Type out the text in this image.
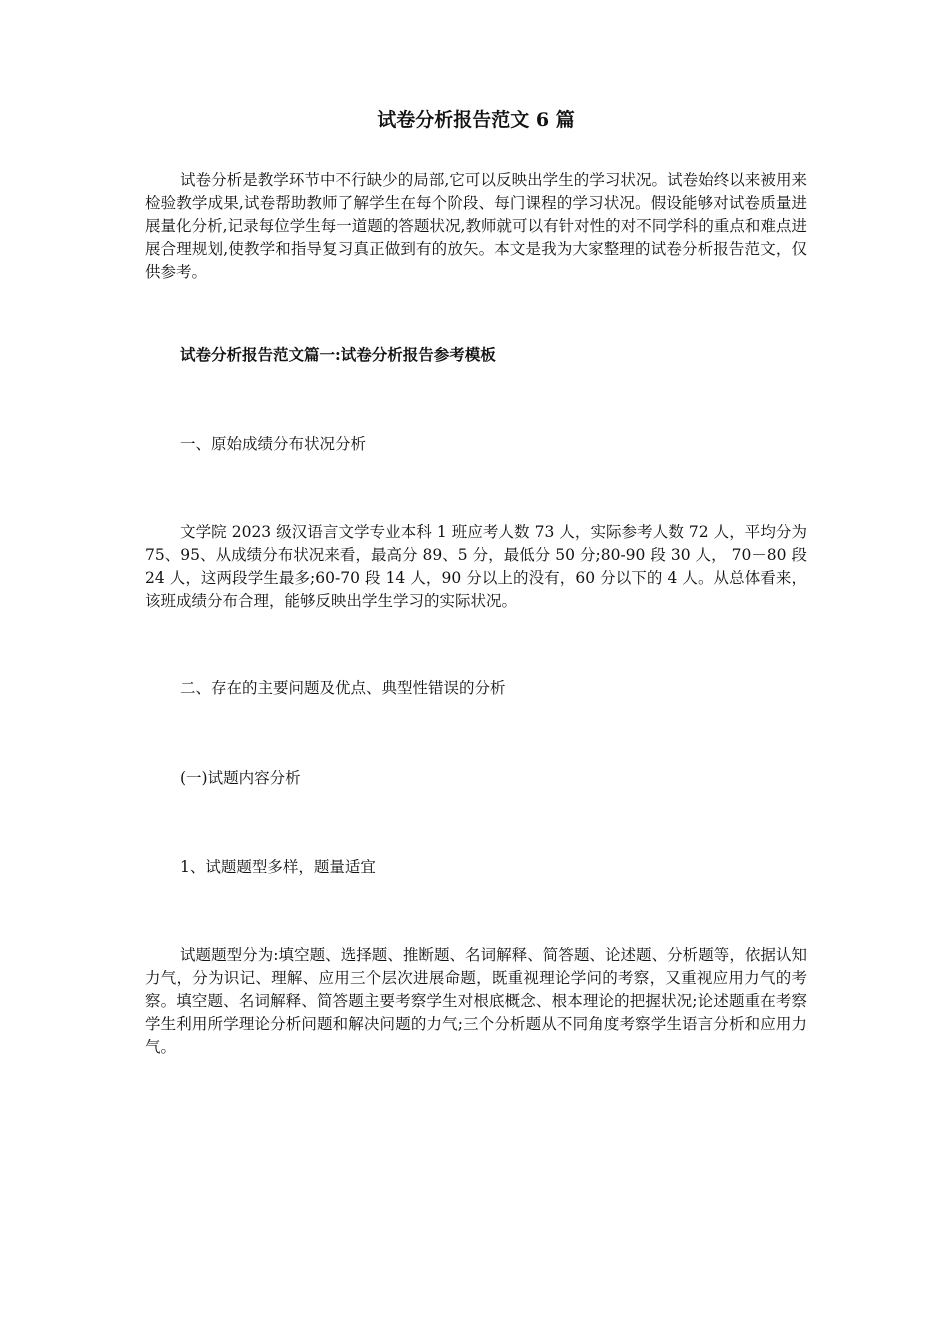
试卷分析报告范文 6 篇

试卷分析是教学环节中不行缺少的局部,它可以反映出学生的学习状况。试卷始终以来被用来检验教学成果,试卷帮助教师了解学生在每个阶段、每门课程的学习状况。假设能够对试卷质量进展量化分析,记录每位学生每一道题的答题状况,教师就可以有针对性的对不同学科的重点和难点进展合理规划,使教学和指导复习真正做到有的放矢。本文是我为大家整理的试卷分析报告范文，仅供参考。

试卷分析报告范文篇一:试卷分析报告参考模板

一、原始成绩分布状况分析

文学院 2023 级汉语言文学专业本科 1 班应考人数 73 人，实际参考人数 72 人，平均分为 75、95、从成绩分布状况来看，最高分 89、5 分，最低分 50 分;80-90 段 30 人， 70－80 段 24 人，这两段学生最多;60-70 段 14 人，90 分以上的没有，60 分以下的 4 人。从总体看来，该班成绩分布合理，能够反映出学生学习的实际状况。

二、存在的主要问题及优点、典型性错误的分析

(一)试题内容分析

1、试题题型多样，题量适宜

试题题型分为:填空题、选择题、推断题、名词解释、简答题、论述题、分析题等，依据认知力气，分为识记、理解、应用三个层次进展命题，既重视理论学问的考察，又重视应用力气的考察。填空题、名词解释、简答题主要考察学生对根底概念、根本理论的把握状况;论述题重在考察学生利用所学理论分析问题和解决问题的力气;三个分析题从不同角度考察学生语言分析和应用力气。
